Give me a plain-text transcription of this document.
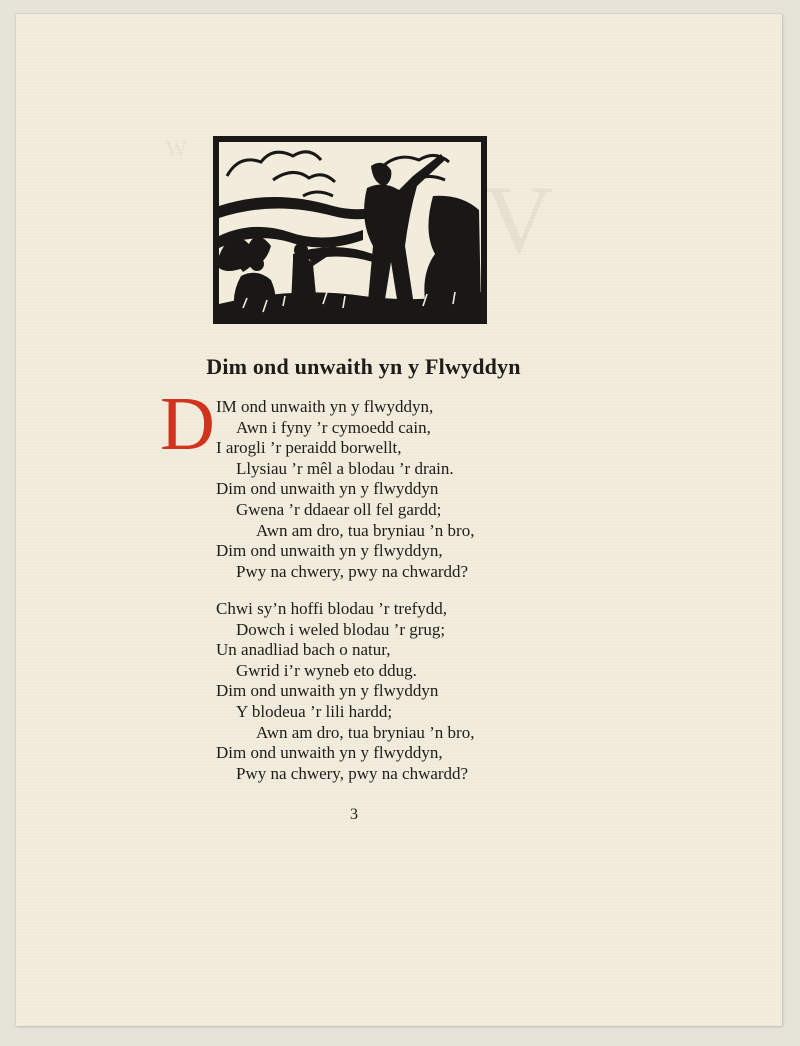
V
W
Dim ond unwaith yn y Flwyddyn
D IM ond unwaith yn y flwyddyn,
Awn i fyny ’r cymoedd cain,
I arogli ’r peraidd borwellt,
Llysiau ’r mêl a blodau ’r drain.
Dim ond unwaith yn y flwyddyn
Gwena ’r ddaear oll fel gardd;
Awn am dro, tua bryniau ’n bro,
Dim ond unwaith yn y flwyddyn,
Pwy na chwery, pwy na chwardd?
Chwi sy’n hoffi blodau ’r trefydd,
Dowch i weled blodau ’r grug;
Un anadliad bach o natur,
Gwrid i’r wyneb eto ddug.
Dim ond unwaith yn y flwyddyn
Y blodeua ’r lili hardd;
Awn am dro, tua bryniau ’n bro,
Dim ond unwaith yn y flwyddyn,
Pwy na chwery, pwy na chwardd?
3
